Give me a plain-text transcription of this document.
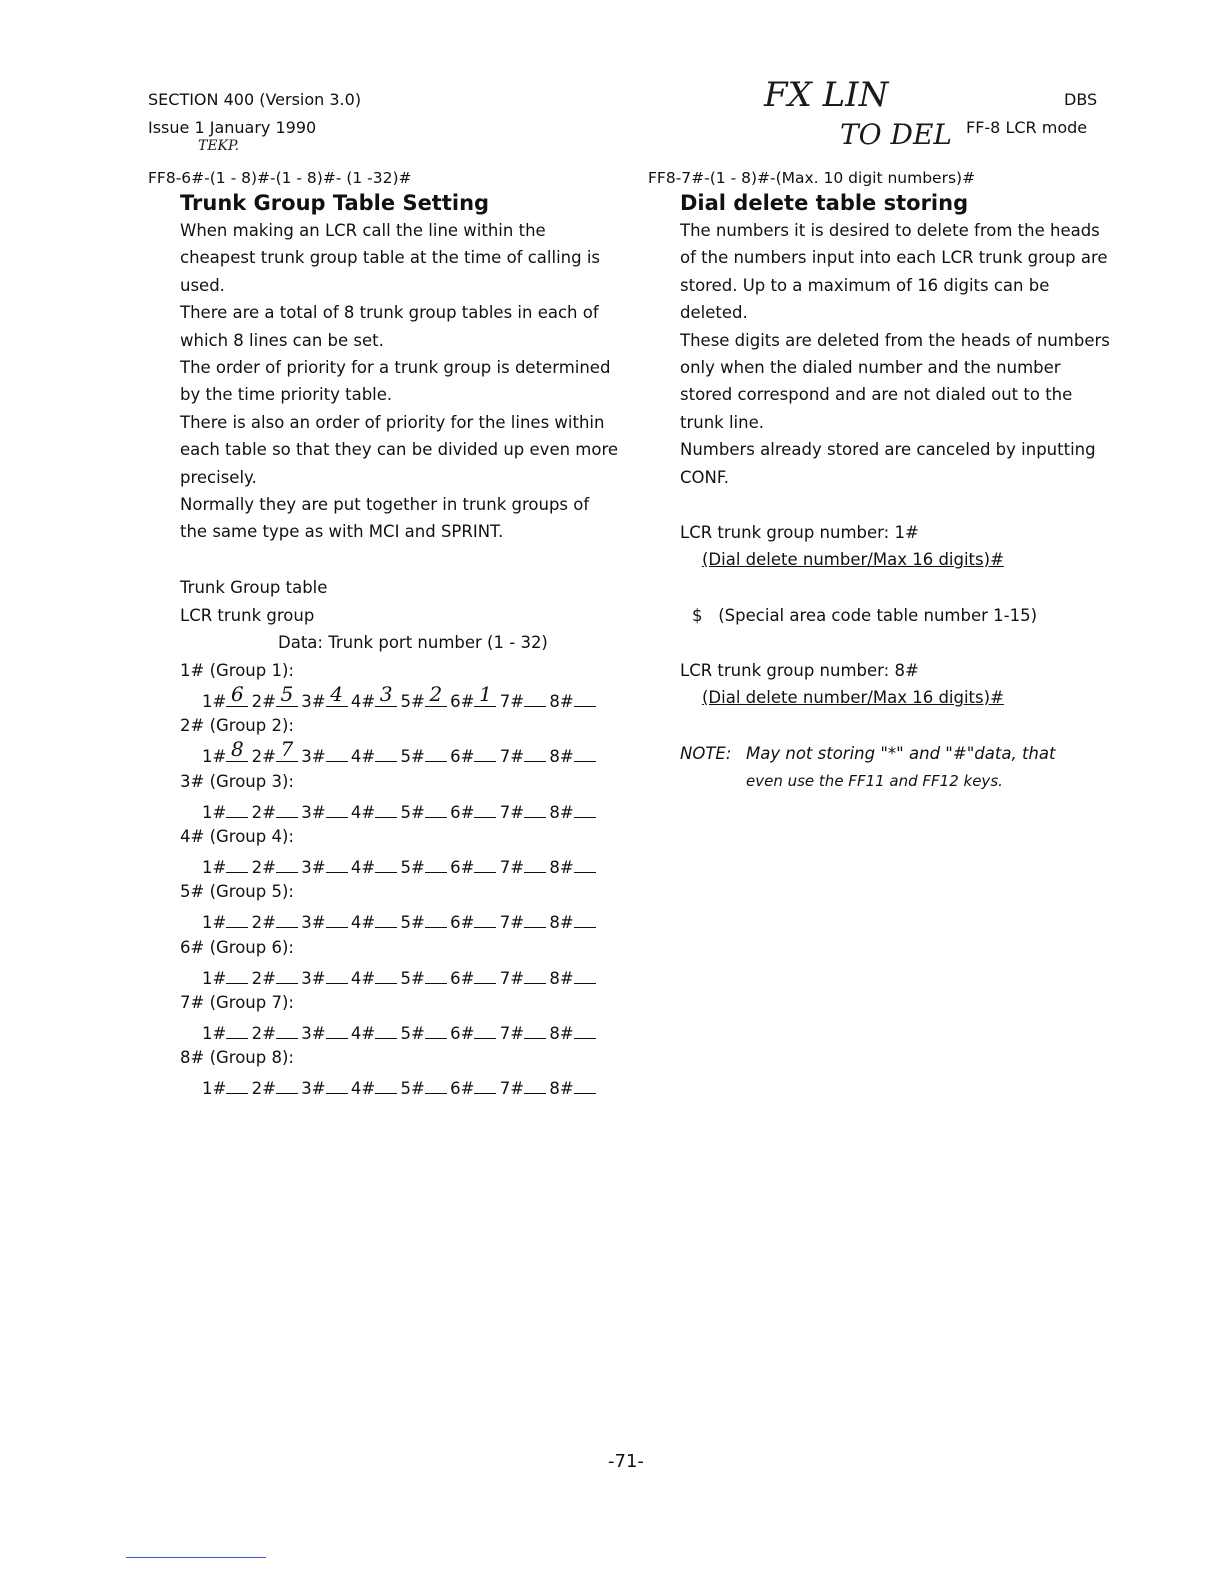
SECTION 400 (Version 3.0)
Issue 1 January 1990
DBS
FF-8 LCR mode
TEKP.
FX LIN
TO DEL
FF8-6#-(1 - 8)#-(1 - 8)#- (1 -32)#
Trunk Group Table Setting

When making an LCR call the line within the cheapest trunk group table at the time of calling is used.

There are a total of 8 trunk group tables in each of which 8 lines can be set.

The order of priority for a trunk group is determined by the time priority table.

There is also an order of priority for the lines within each table so that they can be divided up even more precisely.

Normally they are put together in trunk groups of the same type as with MCI and SPRINT.

Trunk Group table
LCR trunk group
Data: Trunk port number (1 - 32)
1# (Group 1):
1# 6
  2# 5
  3# 4
  4# 3
  5# 2
  6# 1
  7#
  8#

2# (Group 2):
1# 8
  2# 7
  3#
  4#
  5#
  6#
  7#
  8#

3# (Group 3):
1#
  2#
  3#
  4#
  5#
  6#
  7#
  8#

4# (Group 4):
1#
  2#
  3#
  4#
  5#
  6#
  7#
  8#

5# (Group 5):
1#
  2#
  3#
  4#
  5#
  6#
  7#
  8#

6# (Group 6):
1#
  2#
  3#
  4#
  5#
  6#
  7#
  8#

7# (Group 7):
1#
  2#
  3#
  4#
  5#
  6#
  7#
  8#

8# (Group 8):
1#
  2#
  3#
  4#
  5#
  6#
  7#
  8#

FF8-7#-(1 - 8)#-(Max. 10 digit numbers)#
Dial delete table storing

The numbers it is desired to delete from the heads of the numbers input into each LCR trunk group are stored. Up to a maximum of 16 digits can be deleted.

These digits are deleted from the heads of numbers only when the dialed number and the number stored correspond and are not dialed out to the trunk line.

Numbers already stored are canceled by inputting CONF.

LCR trunk group number: 1#
(Dial delete number/Max 16 digits)#
$ (Special area code table number 1-15)
LCR trunk group number: 8#
(Dial delete number/Max 16 digits)#
NOTE: May not storing "*" and "#"data, that
even use the FF11 and FF12 keys.
-71-
